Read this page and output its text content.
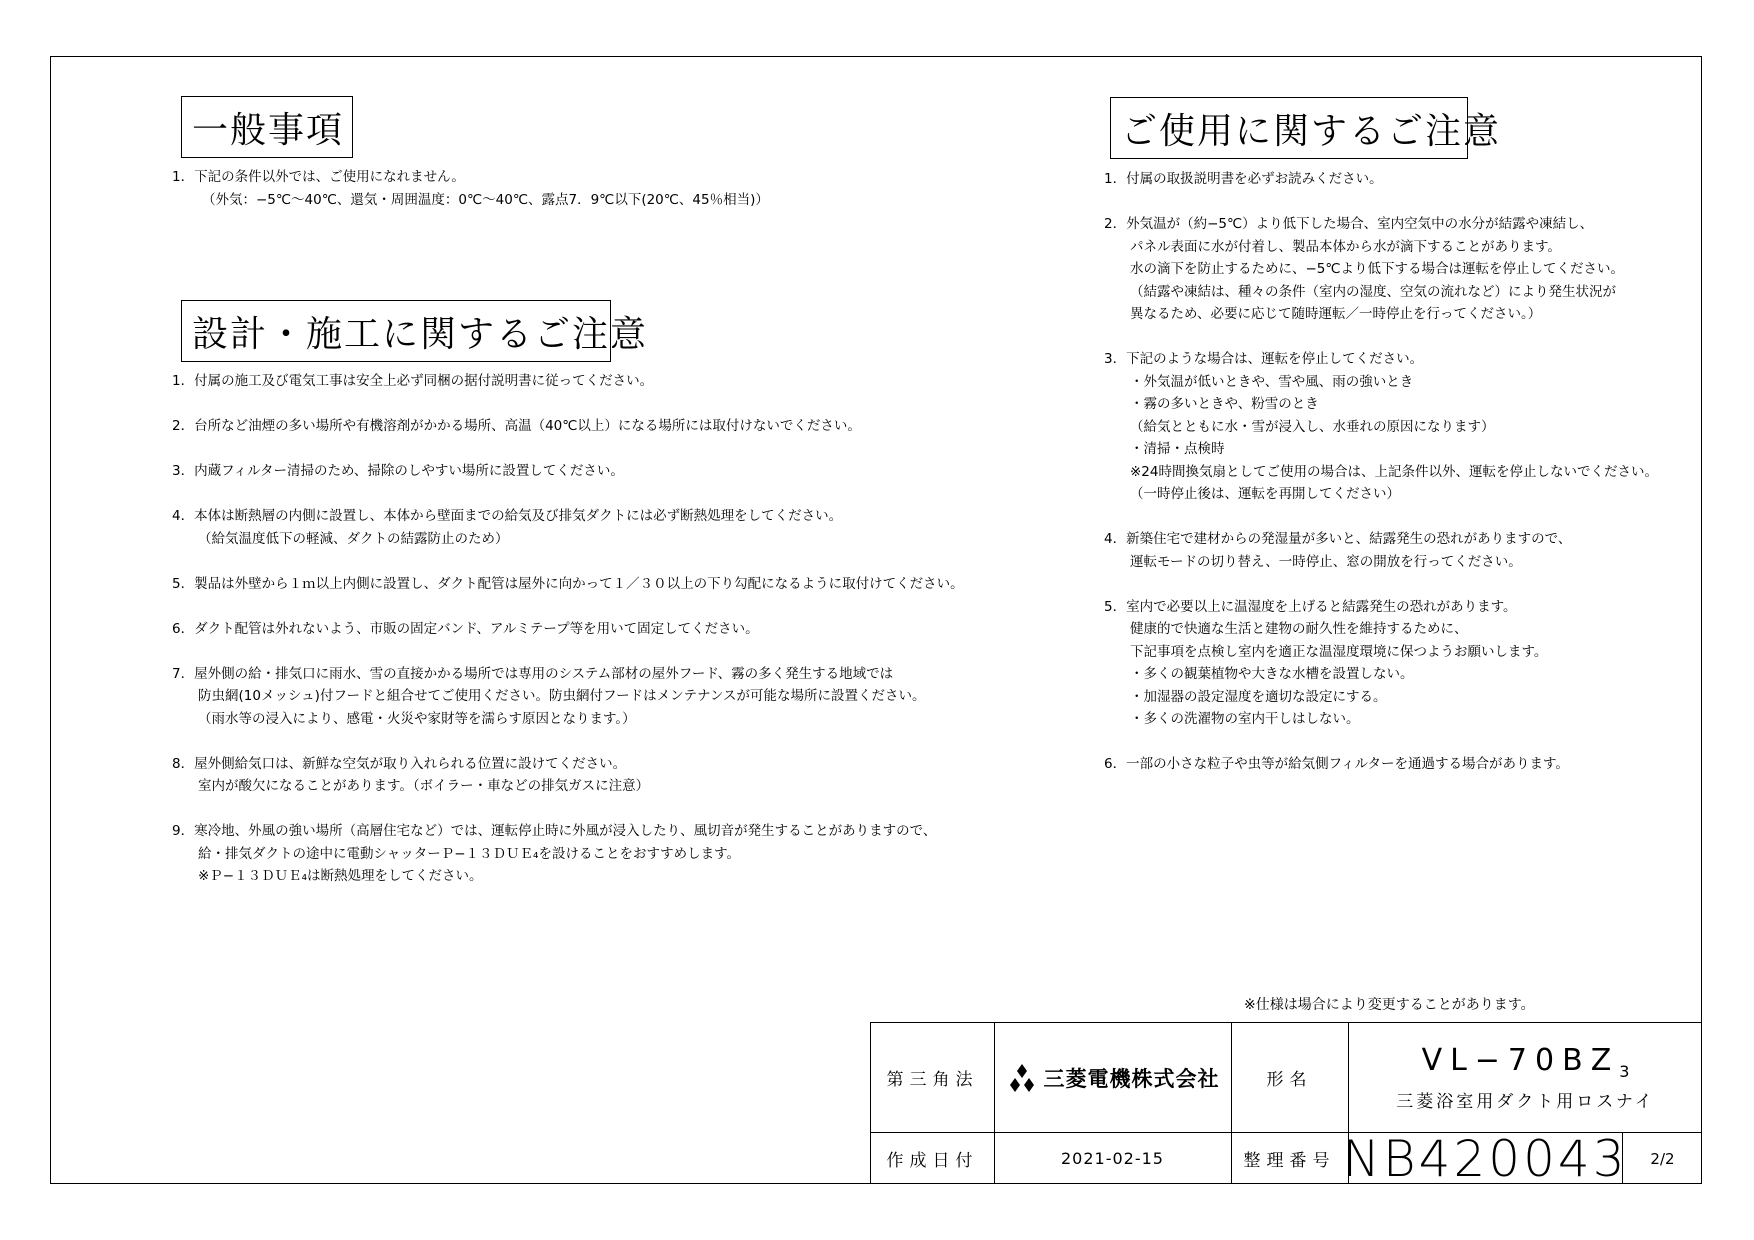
一般事項
1．下記の条件以外では、ご使用になれません。
（外気：−5℃〜40℃、還気・周囲温度：0℃〜40℃、露点7．9℃以下(20℃、45％相当)）
設計・施工に関するご注意
1．付属の施工及び電気工事は安全上必ず同梱の据付説明書に従ってください。
2．台所など油煙の多い場所や有機溶剤がかかる場所、高温（40℃以上）になる場所には取付けないでください。
3．内蔵フィルター清掃のため、掃除のしやすい場所に設置してください。
4．本体は断熱層の内側に設置し、本体から壁面までの給気及び排気ダクトには必ず断熱処理をしてください。
（給気温度低下の軽減、ダクトの結露防止のため）
5．製品は外壁から１ｍ以上内側に設置し、ダクト配管は屋外に向かって１／３０以上の下り勾配になるように取付けてください。
6．ダクト配管は外れないよう、市販の固定バンド、アルミテープ等を用いて固定してください。
7．屋外側の給・排気口に雨水、雪の直接かかる場所では専用のシステム部材の屋外フード、霧の多く発生する地域では
防虫網(10メッシュ)付フードと組合せてご使用ください。防虫網付フードはメンテナンスが可能な場所に設置ください。
（雨水等の浸入により、感電・火災や家財等を濡らす原因となります。）
8．屋外側給気口は、新鮮な空気が取り入れられる位置に設けてください。
室内が酸欠になることがあります。（ボイラー・車などの排気ガスに注意）
9．寒冷地、外風の強い場所（高層住宅など）では、運転停止時に外風が浸入したり、風切音が発生することがありますので、
給・排気ダクトの途中に電動シャッターＰ−１３ＤＵＥ₄を設けることをおすすめします。
※Ｐ−１３ＤＵＥ₄は断熱処理をしてください。
ご使用に関するご注意
1．付属の取扱説明書を必ずお読みください。
2．外気温が（約−5℃）より低下した場合、室内空気中の水分が結露や凍結し、
パネル表面に水が付着し、製品本体から水が滴下することがあります。
水の滴下を防止するために、−5℃より低下する場合は運転を停止してください。
（結露や凍結は、種々の条件（室内の湿度、空気の流れなど）により発生状況が
異なるため、必要に応じて随時運転／一時停止を行ってください。）
3．下記のような場合は、運転を停止してください。
・外気温が低いときや、雪や風、雨の強いとき
・霧の多いときや、粉雪のとき
（給気とともに水・雪が浸入し、水垂れの原因になります）
・清掃・点検時
※24時間換気扇としてご使用の場合は、上記条件以外、運転を停止しないでください。
（一時停止後は、運転を再開してください）
4．新築住宅で建材からの発湿量が多いと、結露発生の恐れがありますので、
運転モードの切り替え、一時停止、窓の開放を行ってください。
5．室内で必要以上に温湿度を上げると結露発生の恐れがあります。
健康的で快適な生活と建物の耐久性を維持するために、
下記事項を点検し室内を適正な温湿度環境に保つようお願いします。
・多くの観葉植物や大きな水槽を設置しない。
・加湿器の設定湿度を適切な設定にする。
・多くの洗濯物の室内干しはしない。
6．一部の小さな粒子や虫等が給気側フィルターを通過する場合があります。
※仕様は場合により変更することがあります。
第三角法	三菱電機株式会社	形名
$VL-70BZ_3$
三菱浴室用ダクト用ロスナイ
作成日付	2021-02-15	整理番号 NB420043	2/2
